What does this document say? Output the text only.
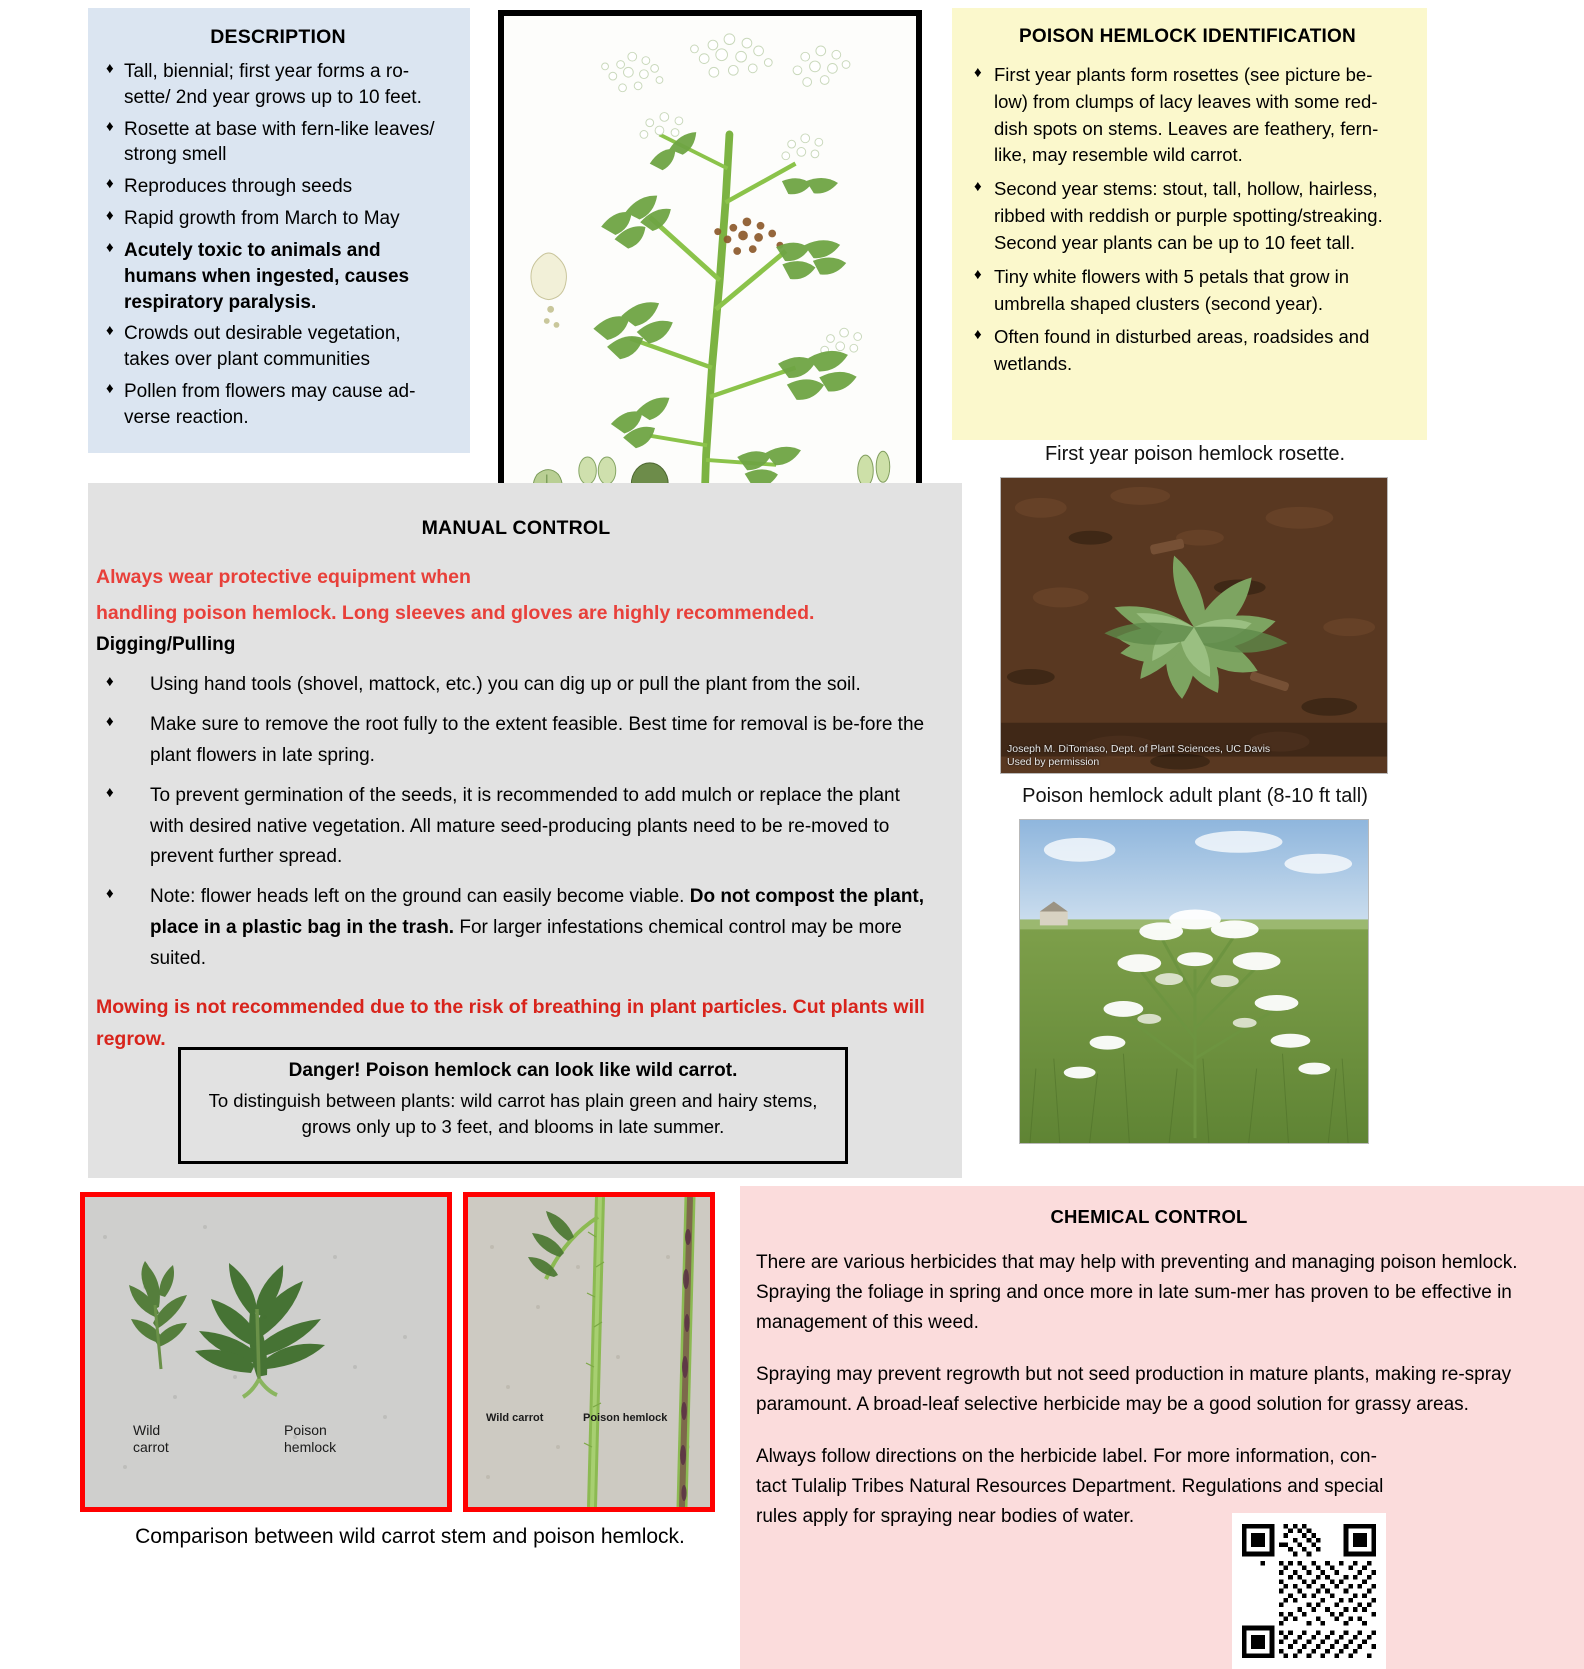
DESCRIPTION
♦ Tall, biennial; first year forms a ro-sette/ 2nd year grows up to 10 feet.
♦ Rosette at base with fern-like leaves/ strong smell
♦ Reproduces through seeds
♦ Rapid growth from March to May
♦ Acutely toxic to animals and humans when ingested, causes respiratory paralysis.
♦ Crowds out desirable vegetation, takes over plant communities
♦ Pollen from flowers may cause ad-verse reaction.
POISON HEMLOCK IDENTIFICATION
♦ First year plants form rosettes (see picture be-low) from clumps of lacy leaves with some red-dish spots on stems. Leaves are feathery, fern-like, may resemble wild carrot.
♦ Second year stems: stout, tall, hollow, hairless, ribbed with reddish or purple spotting/streaking. Second year plants can be up to 10 feet tall.
♦ Tiny white flowers with 5 petals that grow in umbrella shaped clusters (second year).
♦ Often found in disturbed areas, roadsides and wetlands.
MANUAL CONTROL
Always wear protective equipment when
handling poison hemlock. Long sleeves and gloves are highly recommended.
Digging/Pulling
♦ Using hand tools (shovel, mattock, etc.) you can dig up or pull the plant from the soil.
♦ Make sure to remove the root fully to the extent feasible. Best time for removal is be-fore the plant flowers in late spring.
♦ To prevent germination of the seeds, it is recommended to add mulch or replace the plant with desired native vegetation. All mature seed-producing plants need to be re-moved to prevent further spread.
♦ Note: flower heads left on the ground can easily become viable. Do not compost the plant, place in a plastic bag in the trash. For larger infestations chemical control may be more suited.
Mowing is not recommended due to the risk of breathing in plant particles. Cut plants will regrow.
Danger! Poison hemlock can look like wild carrot.
To distinguish between plants: wild carrot has plain green and hairy stems, grows only up to 3 feet, and blooms in late summer.
First year poison hemlock rosette.
Joseph M. DiTomaso, Dept. of Plant Sciences, UC Davis
Used by permission
Poison hemlock adult plant (8-10 ft tall)
Wild
carrot
Poison
hemlock
Wild carrot	Poison hemlock
Comparison between wild carrot stem and poison hemlock.
CHEMICAL CONTROL

There are various herbicides that may help with preventing and managing poison hemlock. Spraying the foliage in spring and once more in late sum-mer has proven to be effective in management of this weed.

Spraying may prevent regrowth but not seed production in mature plants, making re-spray paramount. A broad-leaf selective herbicide may be a good solution for grassy areas.

Always follow directions on the herbicide label. For more information, con-tact Tulalip Tribes Natural Resources Department. Regulations and special rules apply for spraying near bodies of water.
